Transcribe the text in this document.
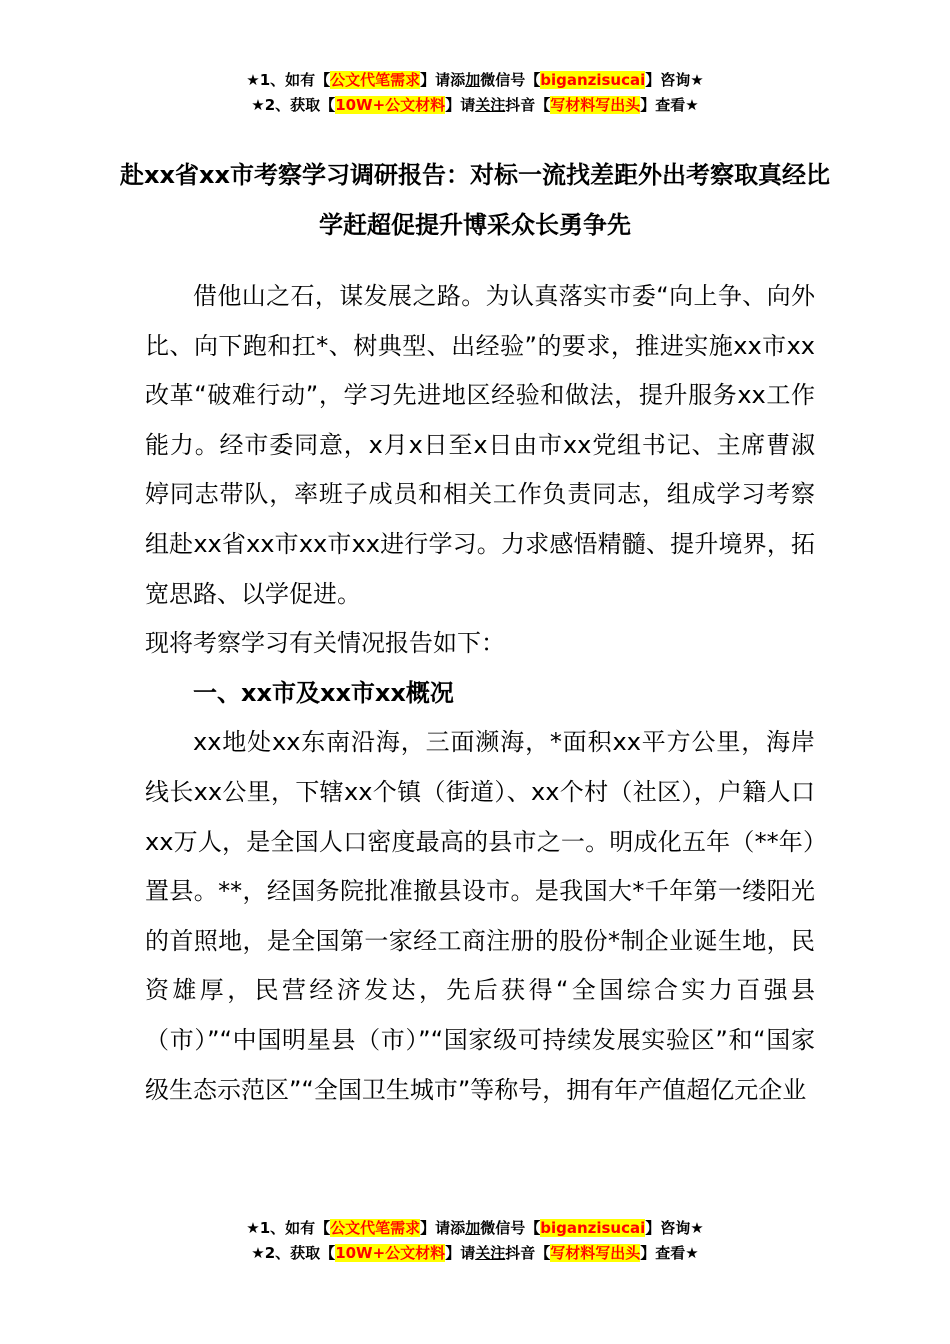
★1、如有【公文代笔需求】请添加微信号【biganzisucai】咨询★
★2、获取【10W+公文材料】请关注抖音【写材料写出头】查看★
赴xx省xx市考察学习调研报告：对标一流找差距外出考察取真经比学赶超促提升博采众长勇争先

借他山之石，谋发展之路。为认真落实市委“向上争、向外比、向下跑和扛*、树典型、出经验”的要求，推进实施xx市xx改革“破难行动”，学习先进地区经验和做法，提升服务xx工作能力。经市委同意，x月x日至x日由市xx党组书记、主席曹淑婷同志带队，率班子成员和相关工作负责同志，组成学习考察组赴xx省xx市xx市xx进行学习。力求感悟精髓、提升境界，拓宽思路、以学促进。

现将考察学习有关情况报告如下：

一、xx市及xx市xx概况

xx地处xx东南沿海，三面濒海，*面积xx平方公里，海岸线长xx公里，下辖xx个镇（街道）、xx个村（社区），户籍人口xx万人，是全国人口密度最高的县市之一。明成化五年（**年）置县。**，经国务院批准撤县设市。是我国大*千年第一缕阳光的首照地，是全国第一家经工商注册的股份*制企业诞生地，民资雄厚，民营经济发达，先后获得“全国综合实力百强县（市）”“中国明星县（市）”“国家级可持续发展实验区”和“国家级生态示范区”“全国卫生城市”等称号，拥有年产值超亿元企业

★1、如有【公文代笔需求】请添加微信号【biganzisucai】咨询★
★2、获取【10W+公文材料】请关注抖音【写材料写出头】查看★
